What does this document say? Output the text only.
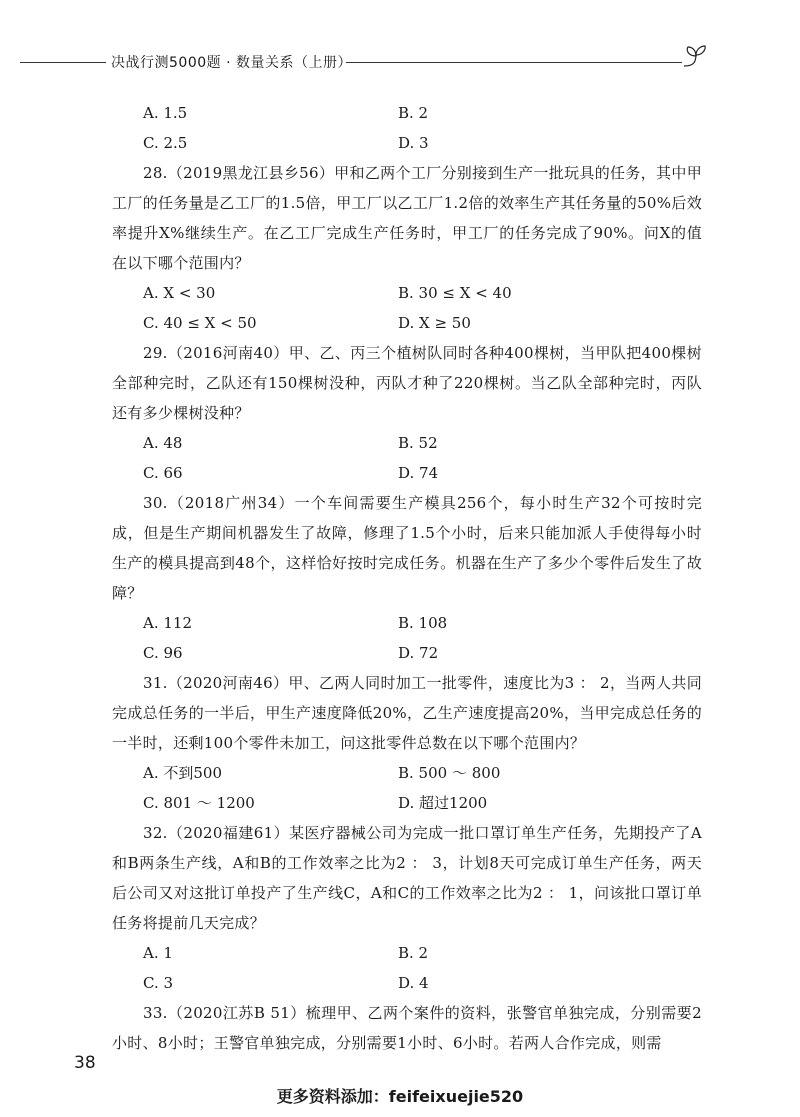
决战行测5000题 · 数量关系（上册）
A. 1.5	B. 2
C. 2.5	D. 3

28.（2019黑龙江县乡56）甲和乙两个工厂分别接到生产一批玩具的任务，其中甲工厂的任务量是乙工厂的1.5倍，甲工厂以乙工厂1.2倍的效率生产其任务量的50%后效率提升X%继续生产。在乙工厂完成生产任务时，甲工厂的任务完成了90%。问X的值在以下哪个范围内？

A. X < 30	B. 30 ≤ X < 40
C. 40 ≤ X < 50	D. X ≥ 50

29.（2016河南40）甲、乙、丙三个植树队同时各种400棵树，当甲队把400棵树全部种完时，乙队还有150棵树没种，丙队才种了220棵树。当乙队全部种完时，丙队还有多少棵树没种？

A. 48	B. 52
C. 66	D. 74

30.（2018广州34）一个车间需要生产模具256个，每小时生产32个可按时完成，但是生产期间机器发生了故障，修理了1.5个小时，后来只能加派人手使得每小时生产的模具提高到48个，这样恰好按时完成任务。机器在生产了多少个零件后发生了故障？

A. 112	B. 108
C. 96	D. 72

31.（2020河南46）甲、乙两人同时加工一批零件，速度比为3 ： 2，当两人共同完成总任务的一半后，甲生产速度降低20%，乙生产速度提高20%，当甲完成总任务的一半时，还剩100个零件未加工，问这批零件总数在以下哪个范围内？

A. 不到500	B. 500 ～ 800
C. 801 ～ 1200	D. 超过1200

32.（2020福建61）某医疗器械公司为完成一批口罩订单生产任务，先期投产了A和B两条生产线，A和B的工作效率之比为2 ： 3，计划8天可完成订单生产任务，两天后公司又对这批订单投产了生产线C，A和C的工作效率之比为2 ： 1，问该批口罩订单任务将提前几天完成？

A. 1	B. 2
C. 3	D. 4

33.（2020江苏B 51）梳理甲、乙两个案件的资料，张警官单独完成，分别需要2小时、8小时；王警官单独完成，分别需要1小时、6小时。若两人合作完成，则需

38
更多资料添加：feifeixuejie520
